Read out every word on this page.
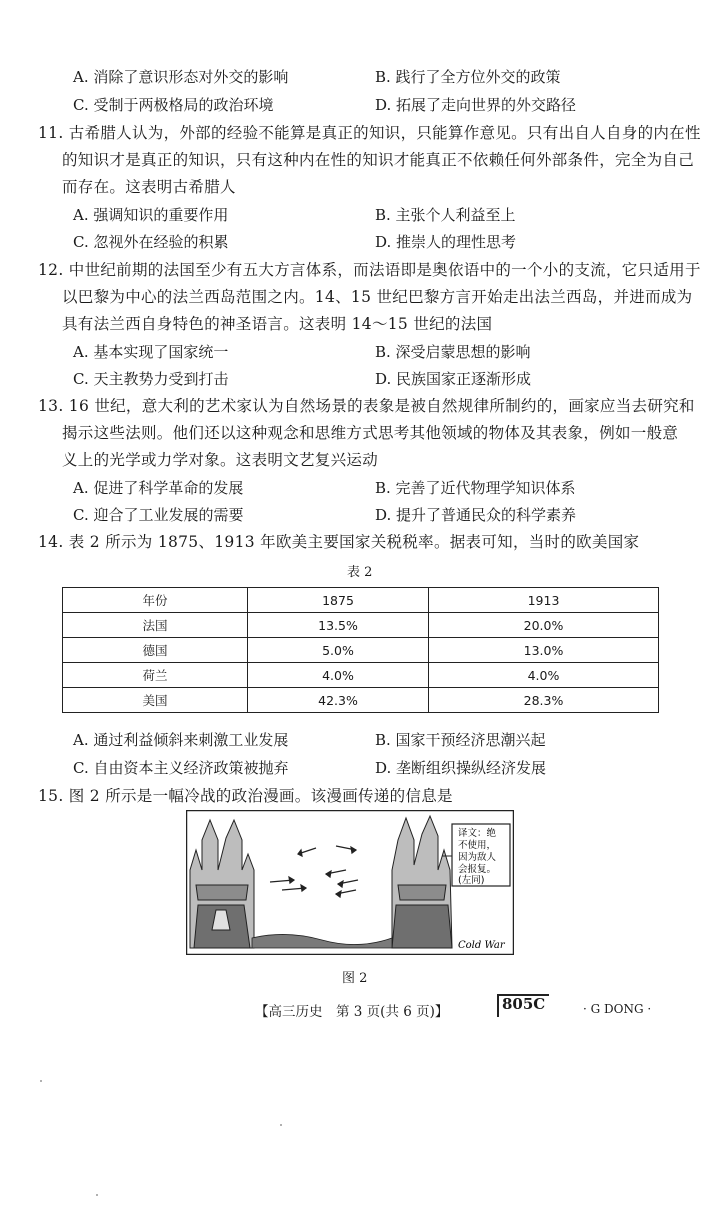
A. 消除了意识形态对外交的影响	B. 践行了全方位外交的政策
C. 受制于两极格局的政治环境	D. 拓展了走向世界的外交路径
11. 古希腊人认为，外部的经验不能算是真正的知识，只能算作意见。只有出自人自身的内在性
的知识才是真正的知识，只有这种内在性的知识才能真正不依赖任何外部条件，完全为自己
而存在。这表明古希腊人
A. 强调知识的重要作用	B. 主张个人利益至上
C. 忽视外在经验的积累	D. 推崇人的理性思考
12. 中世纪前期的法国至少有五大方言体系，而法语即是奥依语中的一个小的支流，它只适用于
以巴黎为中心的法兰西岛范围之内。14、15 世纪巴黎方言开始走出法兰西岛，并进而成为
具有法兰西自身特色的神圣语言。这表明 14～15 世纪的法国
A. 基本实现了国家统一	B. 深受启蒙思想的影响
C. 天主教势力受到打击	D. 民族国家正逐渐形成
13. 16 世纪，意大利的艺术家认为自然场景的表象是被自然规律所制约的，画家应当去研究和
揭示这些法则。他们还以这种观念和思维方式思考其他领域的物体及其表象，例如一般意
义上的光学或力学对象。这表明文艺复兴运动
A. 促进了科学革命的发展	B. 完善了近代物理学知识体系
C. 迎合了工业发展的需要	D. 提升了普通民众的科学素养
14. 表 2 所示为 1875、1913 年欧美主要国家关税税率。据表可知，当时的欧美国家
表 2
年份	1875	1913
法国	13.5%	20.0%
德国	5.0%	13.0%
荷兰	4.0%	4.0%
美国	42.3%	28.3%
A. 通过利益倾斜来刺激工业发展	B. 国家干预经济思潮兴起
C. 自由资本主义经济政策被抛弃	D. 垄断组织操纵经济发展
15. 图 2 所示是一幅冷战的政治漫画。该漫画传递的信息是
译文：绝
不使用，
因为敌人
会报复。
(左同)
Cold War
图 2
【高三历史　第 3 页(共 6 页)】	805C	· G DONG ·
